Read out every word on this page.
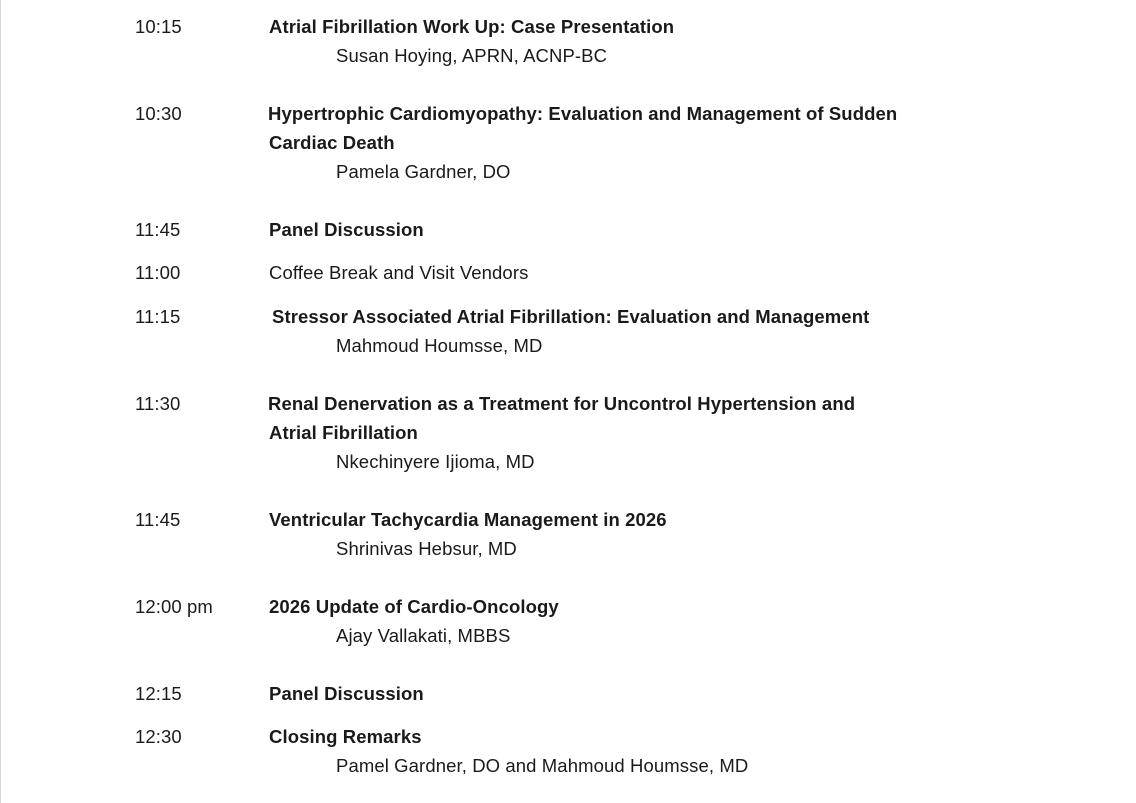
10:15	Atrial Fibrillation Work Up: Case Presentation
Susan Hoying, APRN, ACNP-BC
10:30	Hypertrophic Cardiomyopathy: Evaluation and Management of Sudden
Cardiac Death
Pamela Gardner, DO
11:45	Panel Discussion
11:00	Coffee Break and Visit Vendors
11:15	Stressor Associated Atrial Fibrillation: Evaluation and Management
Mahmoud Houmsse, MD
11:30	Renal Denervation as a Treatment for Uncontrol Hypertension and
Atrial Fibrillation
Nkechinyere Ijioma, MD
11:45	Ventricular Tachycardia Management in 2026
Shrinivas Hebsur, MD
12:00 pm	2026 Update of Cardio-Oncology
Ajay Vallakati, MBBS
12:15	Panel Discussion
12:30	Closing Remarks
Pamel Gardner, DO and Mahmoud Houmsse, MD
